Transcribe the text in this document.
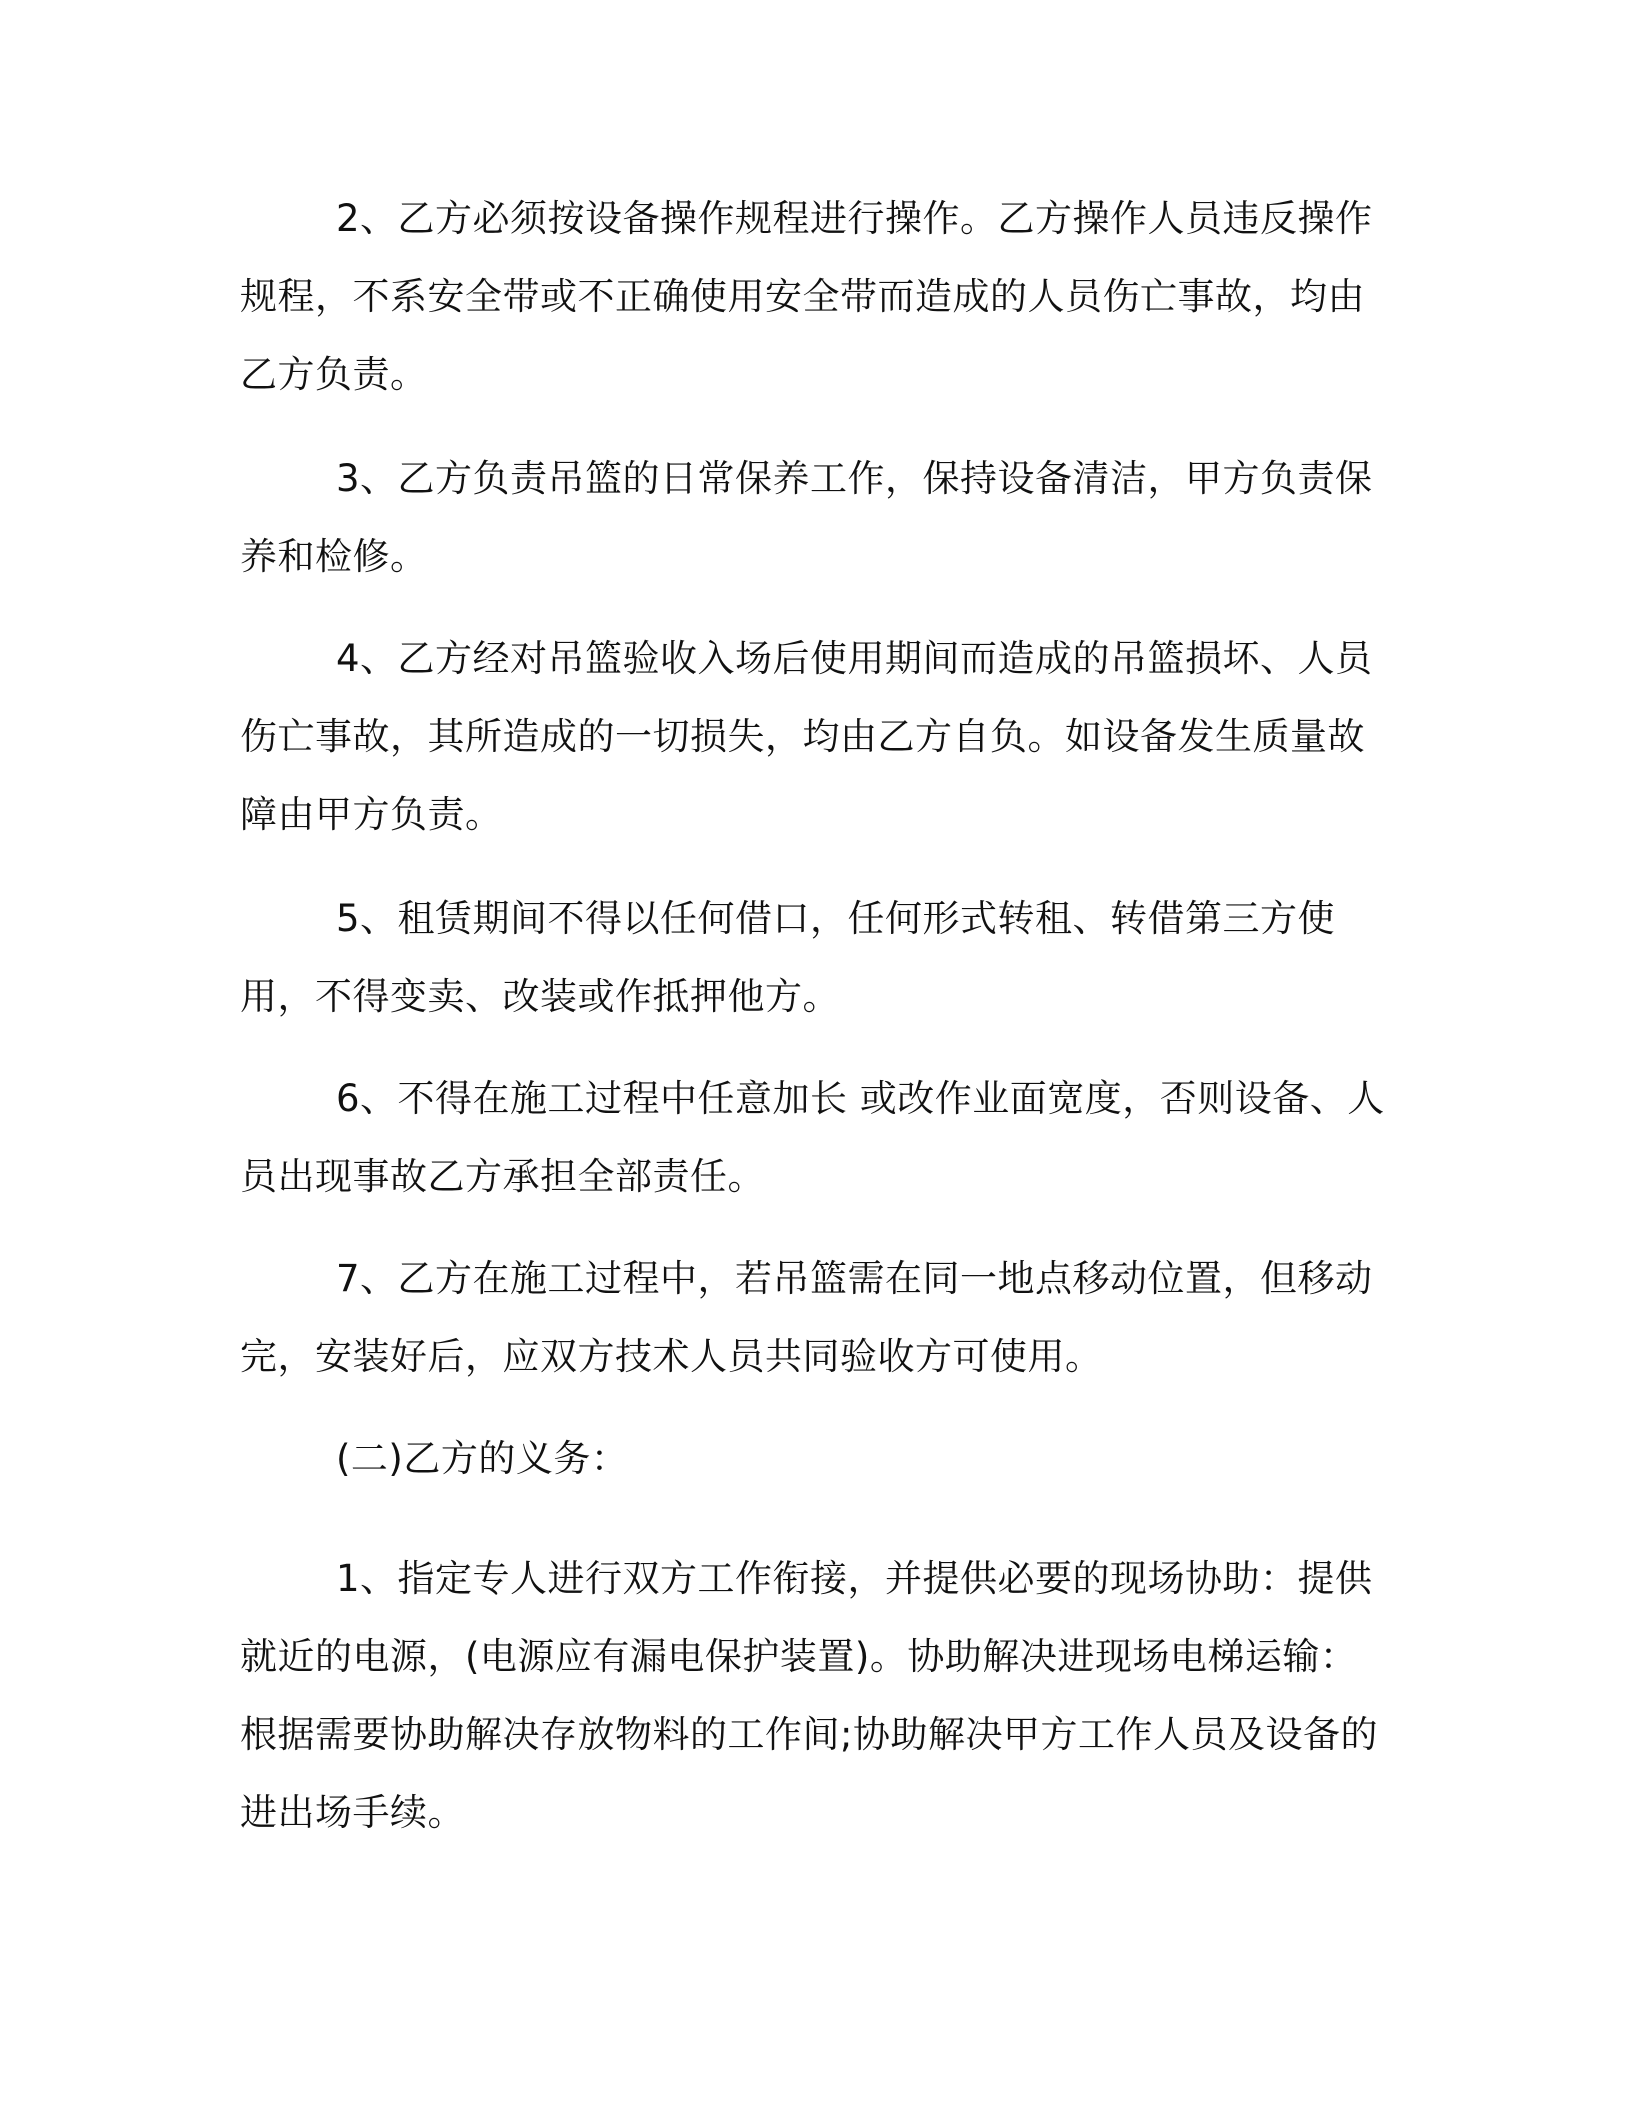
2、乙方必须按设备操作规程进行操作。乙方操作人员违反操作规程，不系安全带或不正确使用安全带而造成的人员伤亡事故，均由乙方负责。

3、乙方负责吊篮的日常保养工作，保持设备清洁，甲方负责保养和检修。

4、乙方经对吊篮验收入场后使用期间而造成的吊篮损坏、人员伤亡事故，其所造成的一切损失，均由乙方自负。如设备发生质量故障由甲方负责。

5、租赁期间不得以任何借口，任何形式转租、转借第三方使用，不得变卖、改装或作抵押他方。

6、不得在施工过程中任意加长 或改作业面宽度，否则设备、人员出现事故乙方承担全部责任。

7、乙方在施工过程中，若吊篮需在同一地点移动位置，但移动完，安装好后，应双方技术人员共同验收方可使用。

(二)乙方的义务：

1、指定专人进行双方工作衔接，并提供必要的现场协助：提供就近的电源，(电源应有漏电保护装置)。协助解决进现场电梯运输：根据需要协助解决存放物料的工作间;协助解决甲方工作人员及设备的进出场手续。
